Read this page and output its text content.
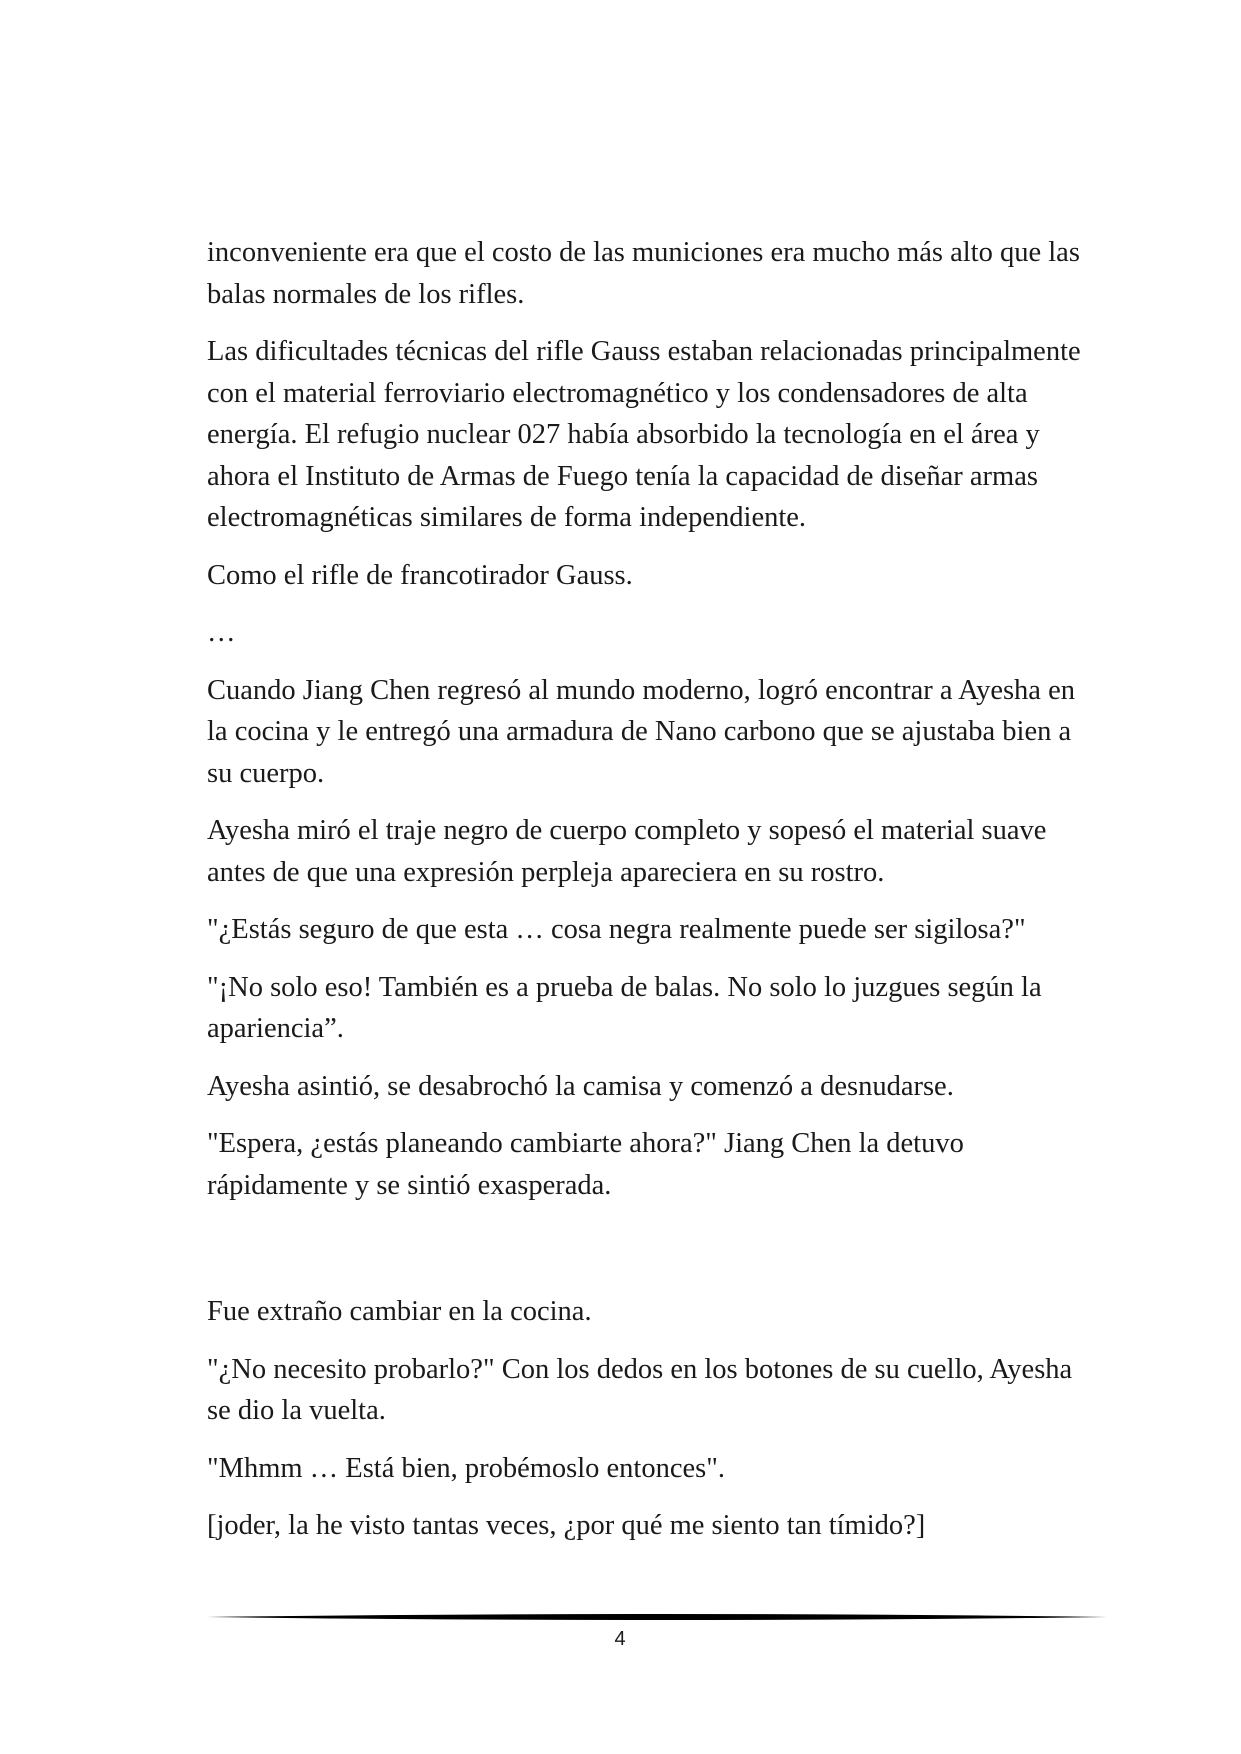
inconveniente era que el costo de las municiones era mucho más alto que las balas normales de los rifles.

Las dificultades técnicas del rifle Gauss estaban relacionadas principalmente con el material ferroviario electromagnético y los condensadores de alta energía. El refugio nuclear 027 había absorbido la tecnología en el área y ahora el Instituto de Armas de Fuego tenía la capacidad de diseñar armas electromagnéticas similares de forma independiente.

Como el rifle de francotirador Gauss.

…

Cuando Jiang Chen regresó al mundo moderno, logró encontrar a Ayesha en la cocina y le entregó una armadura de Nano carbono que se ajustaba bien a su cuerpo.

Ayesha miró el traje negro de cuerpo completo y sopesó el material suave antes de que una expresión perpleja apareciera en su rostro.

"¿Estás seguro de que esta … cosa negra realmente puede ser sigilosa?"

"¡No solo eso! También es a prueba de balas. No solo lo juzgues según la apariencia”.

Ayesha asintió, se desabrochó la camisa y comenzó a desnudarse.

"Espera, ¿estás planeando cambiarte ahora?" Jiang Chen la detuvo rápidamente y se sintió exasperada.

Fue extraño cambiar en la cocina.

"¿No necesito probarlo?" Con los dedos en los botones de su cuello, Ayesha se dio la vuelta.

"Mhmm … Está bien, probémoslo entonces".

[joder, la he visto tantas veces, ¿por qué me siento tan tímido?]

4
